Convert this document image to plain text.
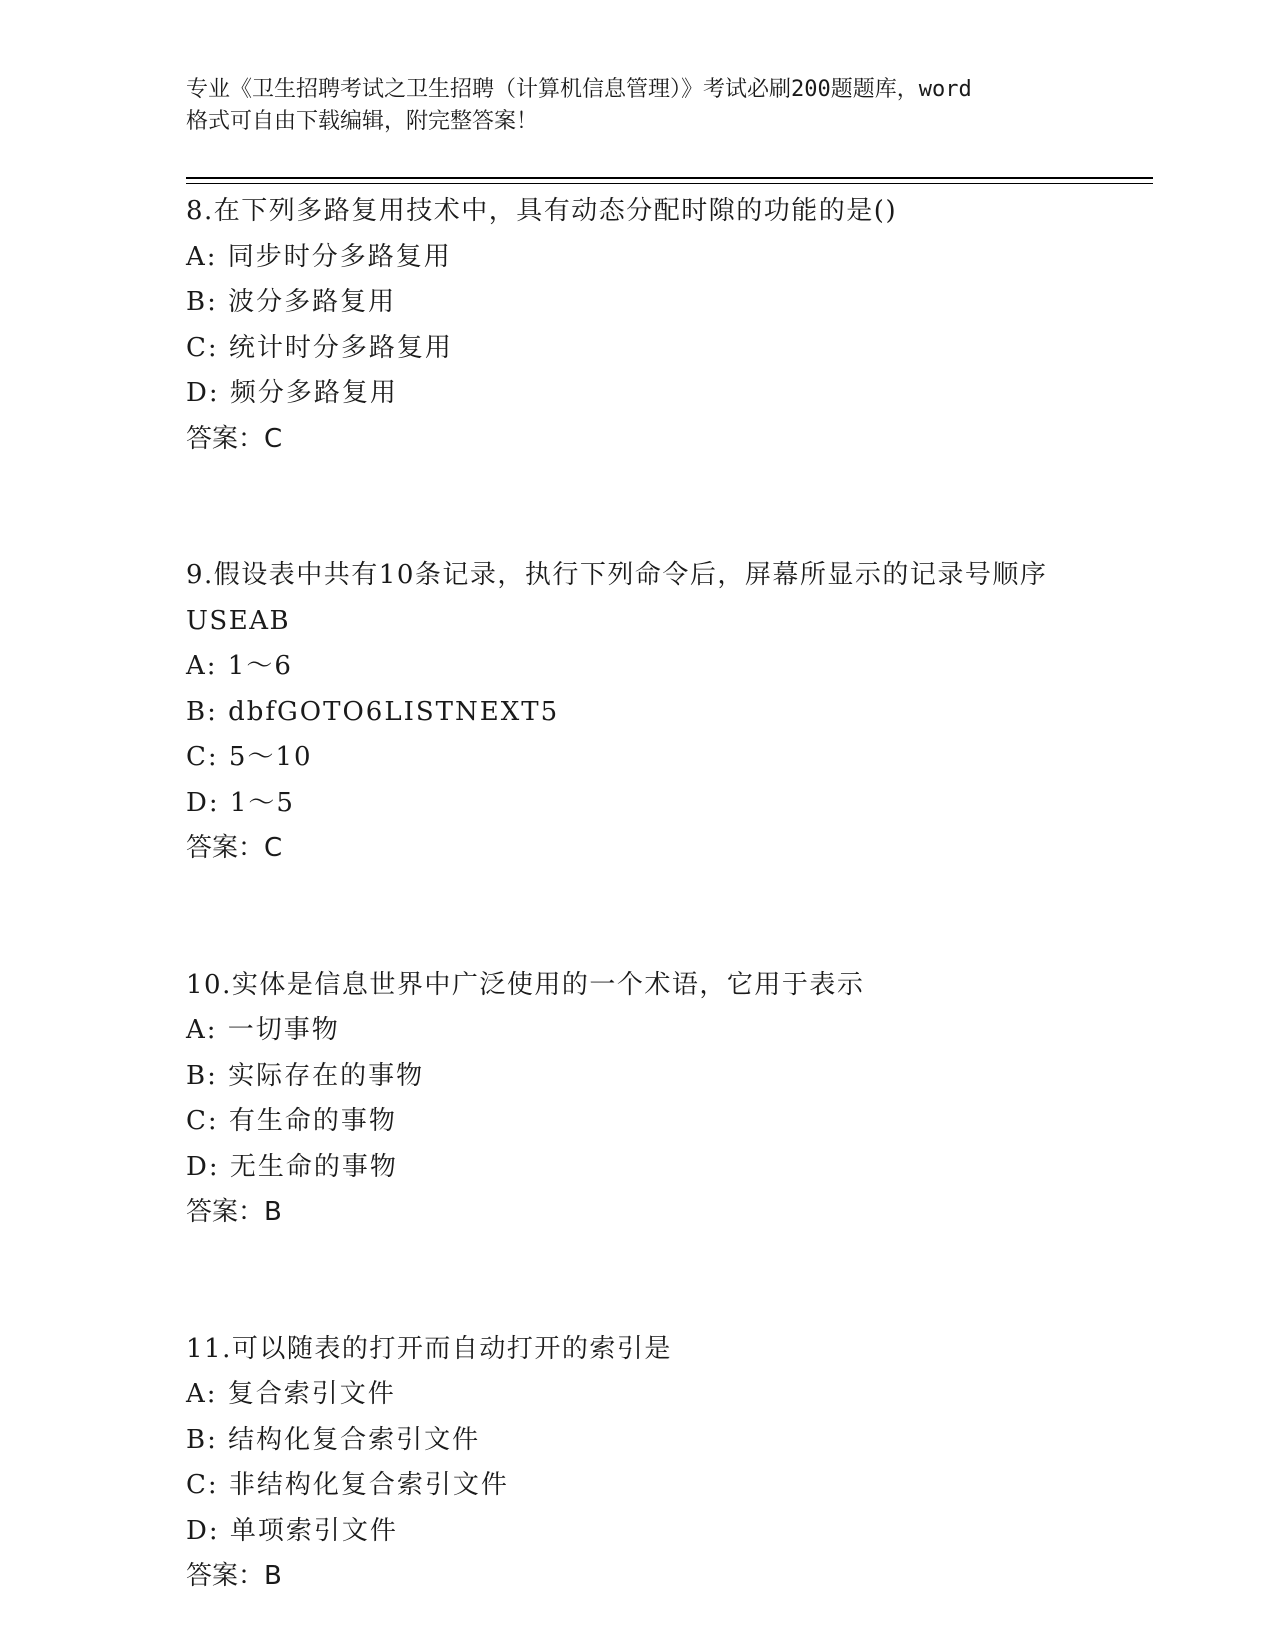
专业《卫生招聘考试之卫生招聘（计算机信息管理）》考试必刷200题题库，word
格式可自由下载编辑，附完整答案！
8.在下列多路复用技术中，具有动态分配时隙的功能的是()
A: 同步时分多路复用
B: 波分多路复用
C: 统计时分多路复用
D: 频分多路复用
答案：C
9.假设表中共有10条记录，执行下列命令后，屏幕所显示的记录号顺序USEAB
A: 1～6
B: dbfGOTO6LISTNEXT5
C: 5～10
D: 1～5
答案：C
10.实体是信息世界中广泛使用的一个术语，它用于表示
A: 一切事物
B: 实际存在的事物
C: 有生命的事物
D: 无生命的事物
答案：B
11.可以随表的打开而自动打开的索引是
A: 复合索引文件
B: 结构化复合索引文件
C: 非结构化复合索引文件
D: 单项索引文件
答案：B
